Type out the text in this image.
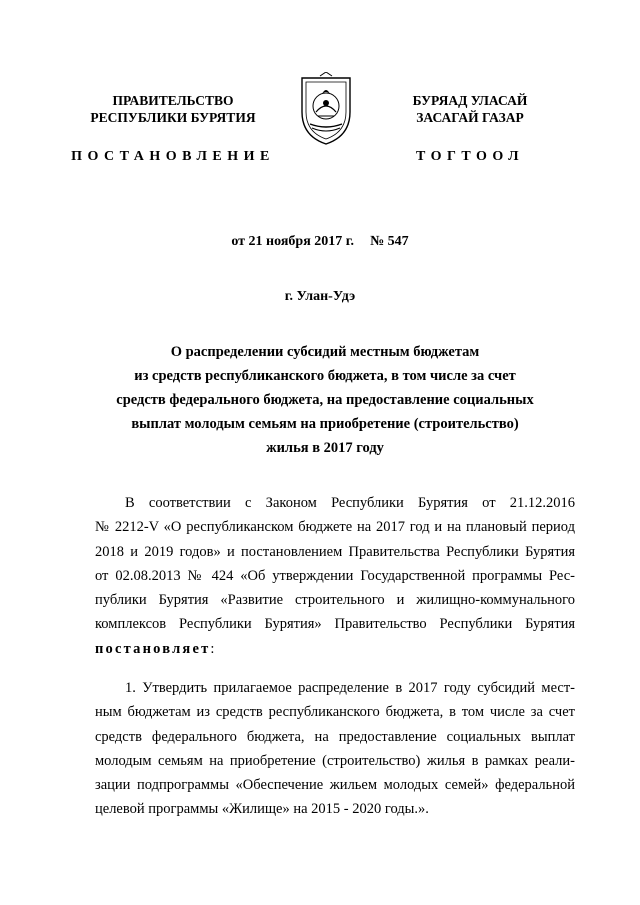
ПРАВИТЕЛЬСТВО
РЕСПУБЛИКИ БУРЯТИЯ
ПОСТАНОВЛЕНИЕ
БУРЯАД УЛАСАЙ
ЗАСАГАЙ ГАЗАР
ТОГТООЛ
от 21 ноября 2017 г. № 547
г. Улан-Удэ
О распределении субсидий местным бюджетам
из средств республиканского бюджета, в том числе за счет
средств федерального бюджета, на предоставление социальных
выплат молодым семьям на приобретение (строительство)
жилья в 2017 году
В соответствии с Законом Республики Бурятия от 21.12.2016
№ 2212-V «О республиканском бюджете на 2017 год и на плановый период
2018 и 2019 годов» и постановлением Правительства Республики Бурятия
от 02.08.2013 № 424 «Об утверждении Государственной программы Рес-
публики Бурятия «Развитие строительного и жилищно-коммунального
комплексов Республики Бурятия» Правительство Республики Бурятия
постановляет:
1. Утвердить прилагаемое распределение в 2017 году субсидий мест-
ным бюджетам из средств республиканского бюджета, в том числе за счет
средств федерального бюджета, на предоставление социальных выплат
молодым семьям на приобретение (строительство) жилья в рамках реали-
зации подпрограммы «Обеспечение жильем молодых семей» федеральной
целевой программы «Жилище» на 2015 - 2020 годы.».
